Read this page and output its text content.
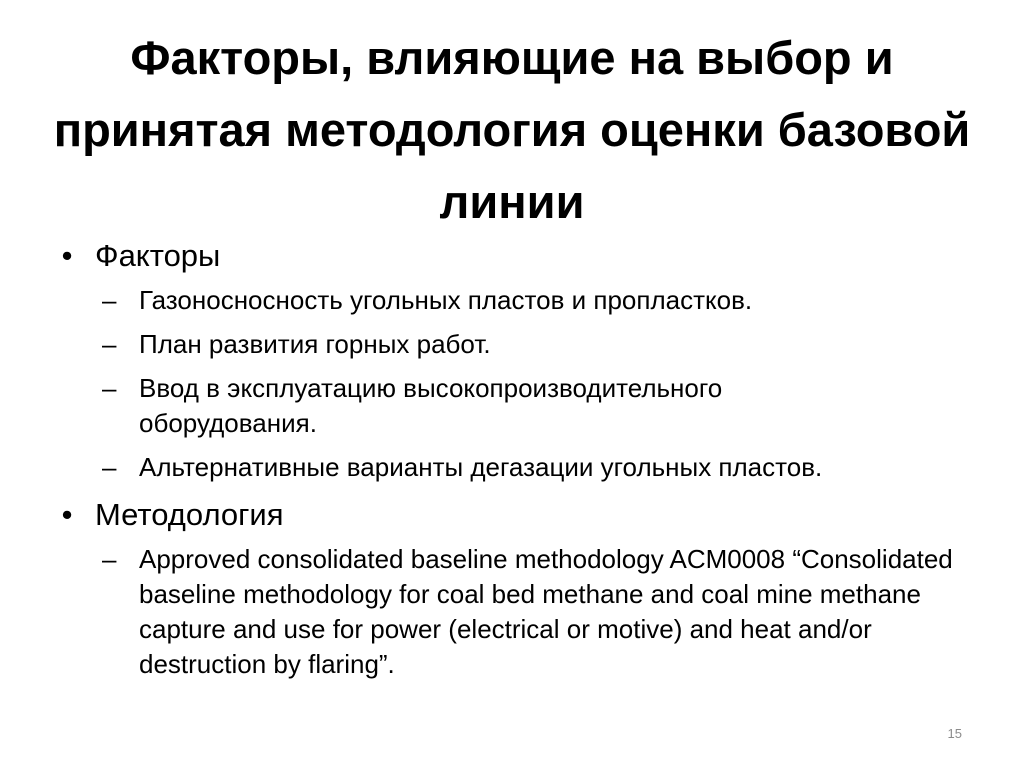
Факторы, влияющие на выбор и принятая методология оценки базовой линии
• Факторы
– Газоносносность угольных пластов и пропластков.
– План развития горных работ.
– Ввод в эксплуатацию высокопроизводительного оборудования.
– Альтернативные варианты дегазации угольных пластов.
• Методология
– Approved consolidated baseline methodology ACM0008 “Consolidated baseline methodology for coal bed methane and coal mine methane capture and use for power (electrical or motive) and heat and/or destruction by flaring”.
15
